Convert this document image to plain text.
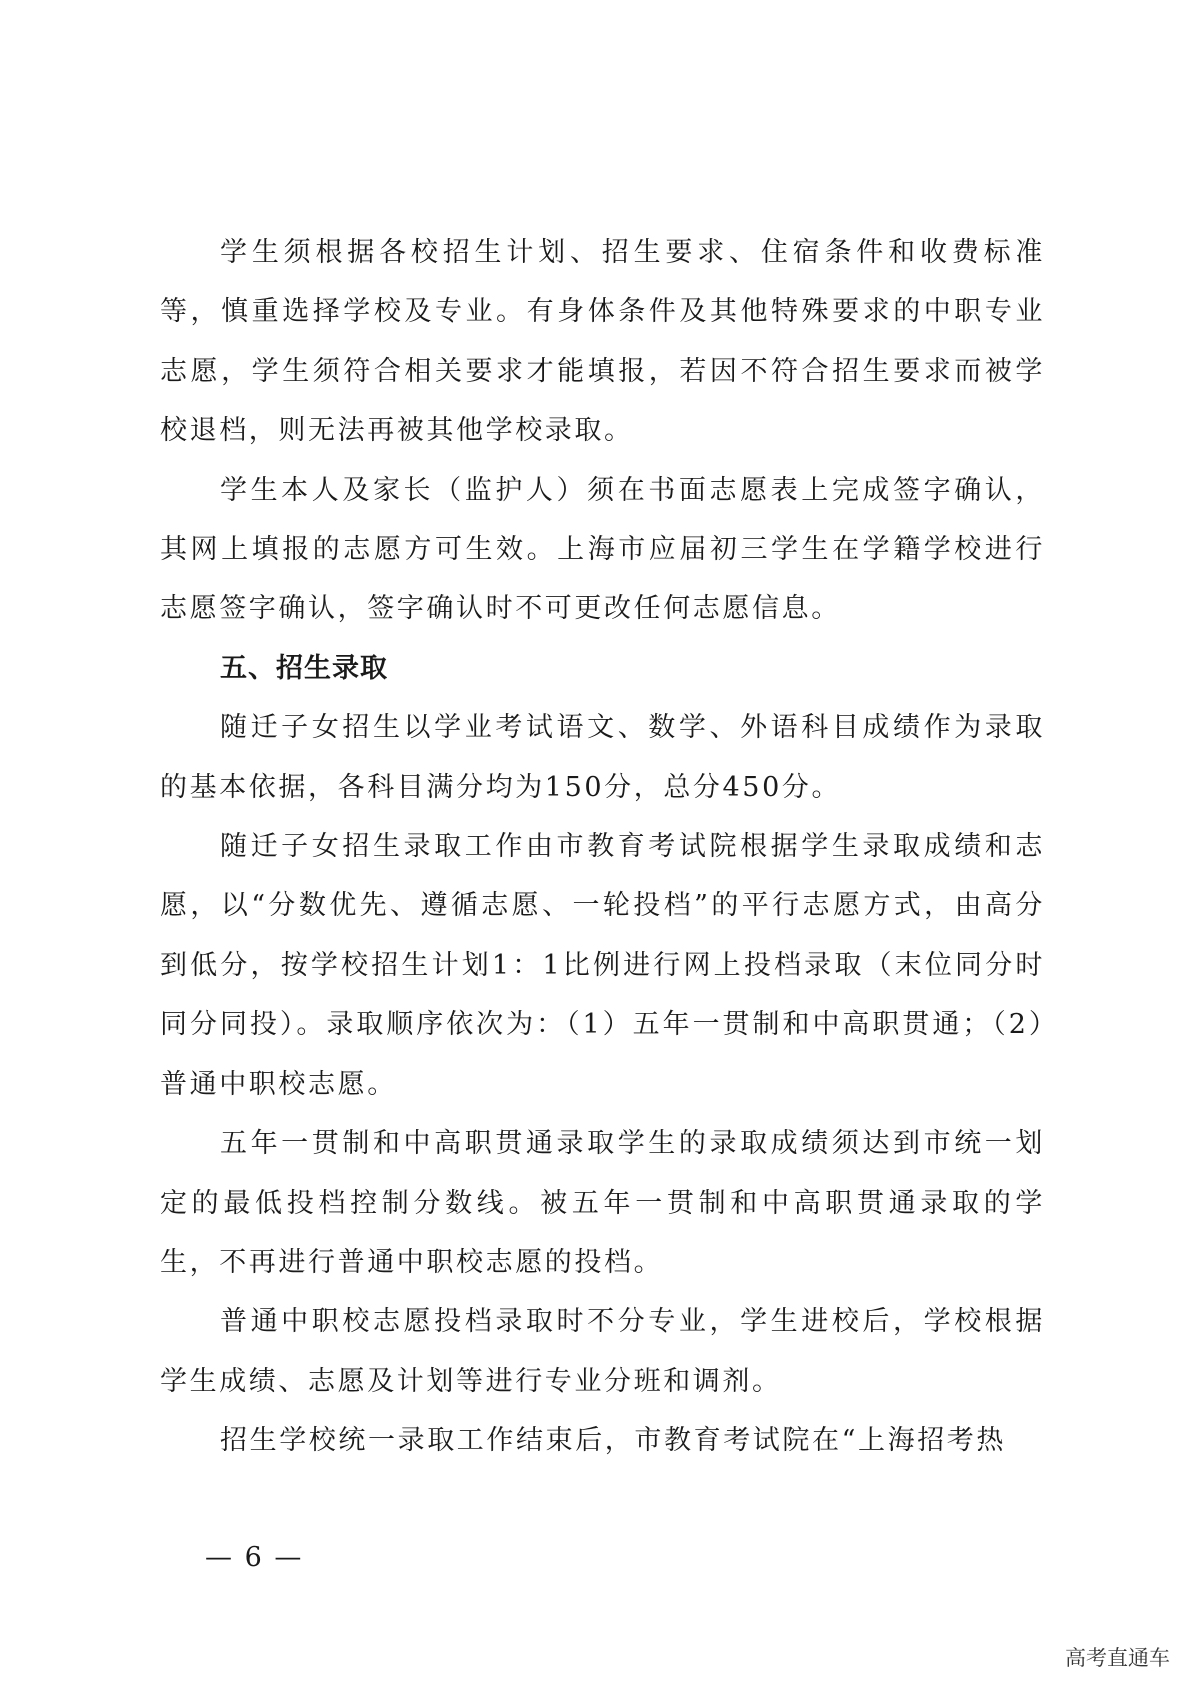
学生须根据各校招生计划、招生要求、住宿条件和收费标准等，慎重选择学校及专业。有身体条件及其他特殊要求的中职专业志愿，学生须符合相关要求才能填报，若因不符合招生要求而被学校退档，则无法再被其他学校录取。

学生本人及家长（监护人）须在书面志愿表上完成签字确认，其网上填报的志愿方可生效。上海市应届初三学生在学籍学校进行志愿签字确认，签字确认时不可更改任何志愿信息。

五、招生录取

随迁子女招生以学业考试语文、数学、外语科目成绩作为录取的基本依据，各科目满分均为150分，总分450分。

随迁子女招生录取工作由市教育考试院根据学生录取成绩和志愿，以“分数优先、遵循志愿、一轮投档”的平行志愿方式，由高分到低分，按学校招生计划1：1比例进行网上投档录取（末位同分时同分同投）。录取顺序依次为：（1）五年一贯制和中高职贯通；（2）普通中职校志愿。

五年一贯制和中高职贯通录取学生的录取成绩须达到市统一划定的最低投档控制分数线。被五年一贯制和中高职贯通录取的学生，不再进行普通中职校志愿的投档。

普通中职校志愿投档录取时不分专业，学生进校后，学校根据学生成绩、志愿及计划等进行专业分班和调剂。

招生学校统一录取工作结束后，市教育考试院在“上海招考热

— 6 —
高考直通车
